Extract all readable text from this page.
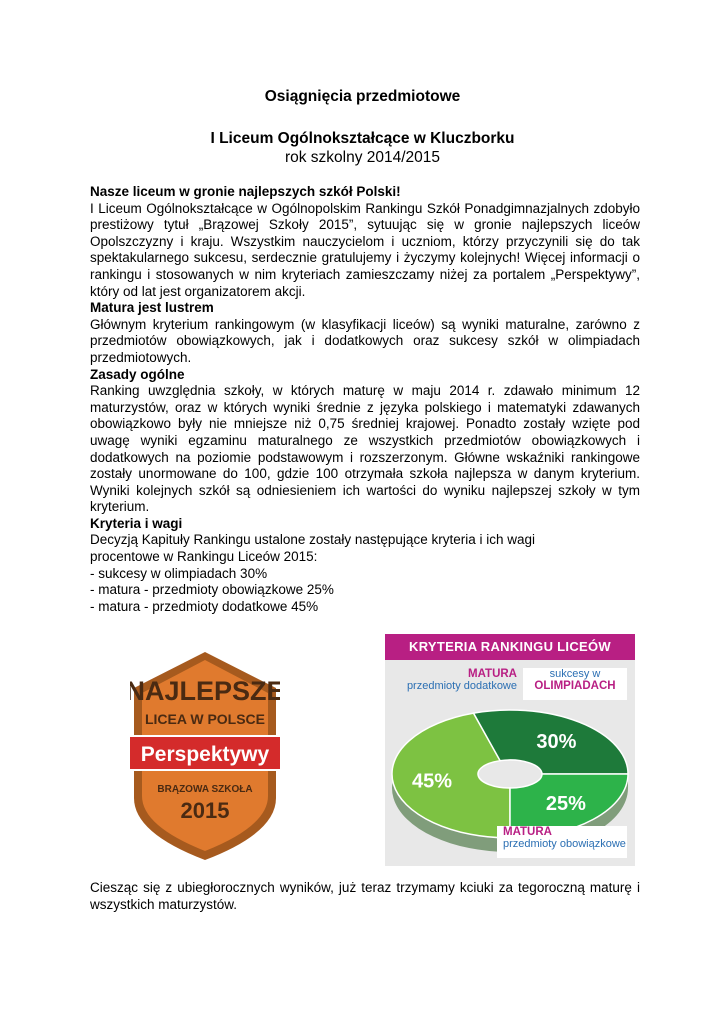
Osiągnięcia przedmiotowe
I Liceum Ogólnokształcące w Kluczborku
rok szkolny 2014/2015

Nasze liceum w gronie najlepszych szkół Polski!

I Liceum Ogólnokształcące w Ogólnopolskim Rankingu Szkół Ponadgimnazjalnych zdobyło prestiżowy tytuł „Brązowej Szkoły 2015”, sytuując się w gronie najlepszych liceów Opolszczyzny i kraju. Wszystkim nauczycielom i uczniom, którzy przyczynili się do tak spektakularnego sukcesu, serdecznie gratulujemy i życzymy kolejnych! Więcej informacji o rankingu i stosowanych w nim kryteriach zamieszczamy niżej za portalem „Perspektywy”, który od lat jest organizatorem akcji.

Matura jest lustrem

Głównym kryterium rankingowym (w klasyfikacji liceów) są wyniki maturalne, zarówno z przedmiotów obowiązkowych, jak i dodatkowych oraz sukcesy szkół w olimpiadach przedmiotowych.

Zasady ogólne

Ranking uwzględnia szkoły, w których maturę w maju 2014 r. zdawało minimum 12 maturzystów, oraz w których wyniki średnie z języka polskiego i matematyki zdawanych obowiązkowo były nie mniejsze niż 0,75 średniej krajowej. Ponadto zostały wzięte pod uwagę wyniki egzaminu maturalnego ze wszystkich przedmiotów obowiązkowych i dodatkowych na poziomie podstawowym i rozszerzonym. Główne wskaźniki rankingowe zostały unormowane do 100, gdzie 100 otrzymała szkoła najlepsza w danym kryterium. Wyniki kolejnych szkół są odniesieniem ich wartości do wyniku najlepszej szkoły w tym kryterium.

Kryteria i wagi

Decyzją Kapituły Rankingu ustalone zostały następujące kryteria i ich wagi

procentowe w Rankingu Liceów 2015:

- sukcesy w olimpiadach 30%

- matura - przedmioty obowiązkowe 25%

- matura - przedmioty dodatkowe 45%

NAJLEPSZE
LICEA W POLSCE
Perspektywy
BRĄZOWA SZKOŁA
2015
KRYTERIA RANKINGU LICEÓW
45%
30%
25%
MATURA
przedmioty dodatkowe
sukcesy w
OLIMPIADACH
MATURA
przedmioty obowiązkowe

Ciesząc się z ubiegłorocznych wyników, już teraz trzymamy kciuki za tegoroczną maturę i wszystkich maturzystów.
